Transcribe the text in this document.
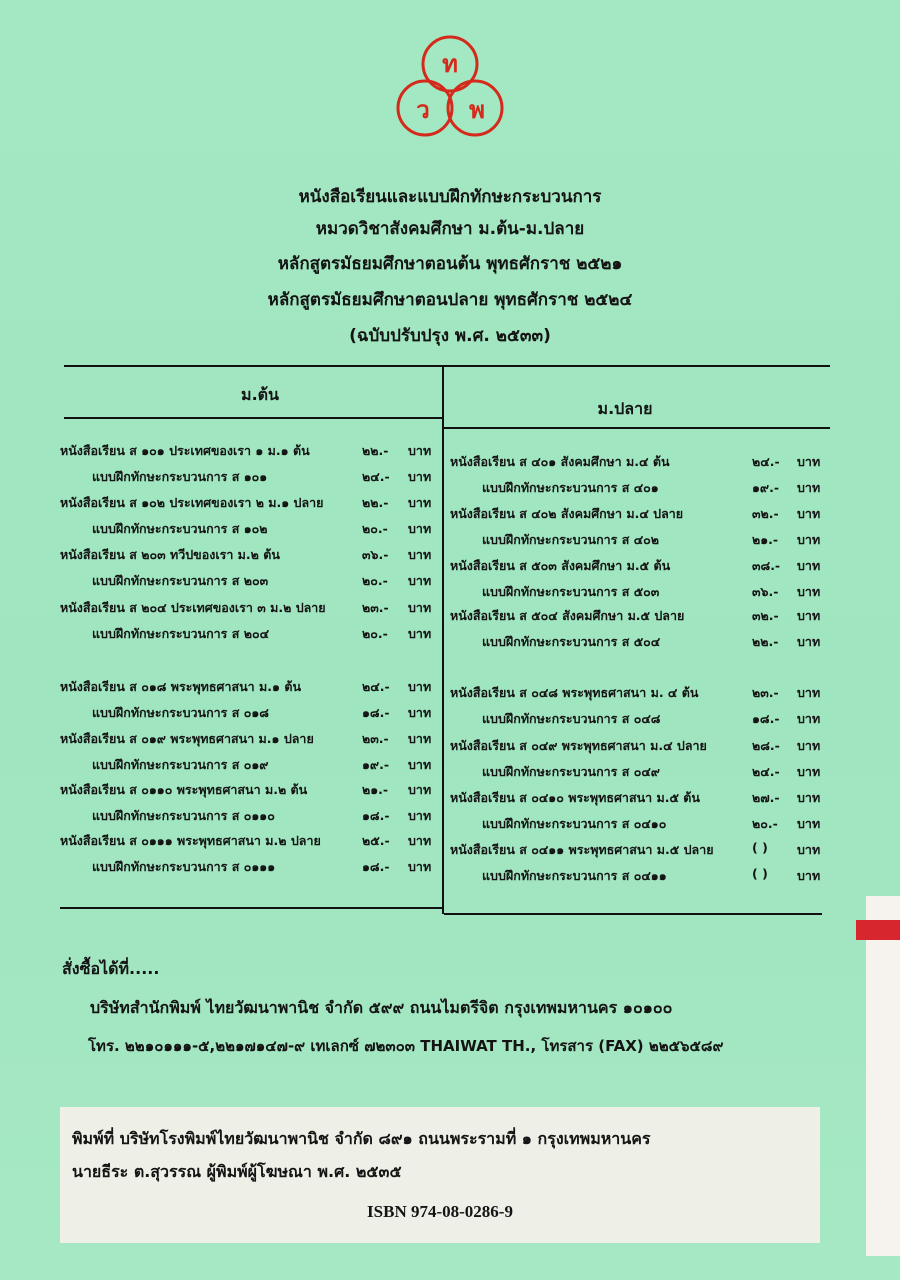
ท
ว พ
หนังสือเรียนและแบบฝึกทักษะกระบวนการ
หมวดวิชาสังคมศึกษา ม.ต้น-ม.ปลาย
หลักสูตรมัธยมศึกษาตอนต้น พุทธศักราช ๒๕๒๑
หลักสูตรมัธยมศึกษาตอนปลาย พุทธศักราช ๒๕๒๔
(ฉบับปรับปรุง พ.ศ. ๒๕๓๓)
ม.ต้น
ม.ปลาย
หนังสือเรียน ส ๑๐๑ ประเทศของเรา ๑ ม.๑ ต้น	๒๒.- บาท
แบบฝึกทักษะกระบวนการ ส ๑๐๑	๒๔.- บาท
หนังสือเรียน ส ๑๐๒ ประเทศของเรา ๒ ม.๑ ปลาย	๒๒.- บาท
แบบฝึกทักษะกระบวนการ ส ๑๐๒	๒๐.- บาท
หนังสือเรียน ส ๒๐๓ ทวีปของเรา ม.๒ ต้น	๓๖.- บาท
แบบฝึกทักษะกระบวนการ ส ๒๐๓	๒๐.- บาท
หนังสือเรียน ส ๒๐๔ ประเทศของเรา ๓ ม.๒ ปลาย	๒๓.- บาท
แบบฝึกทักษะกระบวนการ ส ๒๐๔	๒๐.- บาท
หนังสือเรียน ส ๐๑๘ พระพุทธศาสนา ม.๑ ต้น	๒๔.- บาท
แบบฝึกทักษะกระบวนการ ส ๐๑๘	๑๘.- บาท
หนังสือเรียน ส ๐๑๙ พระพุทธศาสนา ม.๑ ปลาย	๒๓.- บาท
แบบฝึกทักษะกระบวนการ ส ๐๑๙	๑๙.- บาท
หนังสือเรียน ส ๐๑๑๐ พระพุทธศาสนา ม.๒ ต้น	๒๑.- บาท
แบบฝึกทักษะกระบวนการ ส ๐๑๑๐	๑๘.- บาท
หนังสือเรียน ส ๐๑๑๑ พระพุทธศาสนา ม.๒ ปลาย	๒๕.- บาท
แบบฝึกทักษะกระบวนการ ส ๐๑๑๑	๑๘.- บาท
หนังสือเรียน ส ๔๐๑ สังคมศึกษา ม.๔ ต้น	๒๔.- บาท
แบบฝึกทักษะกระบวนการ ส ๔๐๑	๑๙.- บาท
หนังสือเรียน ส ๔๐๒ สังคมศึกษา ม.๔ ปลาย	๓๒.- บาท
แบบฝึกทักษะกระบวนการ ส ๔๐๒	๒๑.- บาท
หนังสือเรียน ส ๕๐๓ สังคมศึกษา ม.๕ ต้น	๓๘.- บาท
แบบฝึกทักษะกระบวนการ ส ๕๐๓	๓๖.- บาท
หนังสือเรียน ส ๕๐๔ สังคมศึกษา ม.๕ ปลาย	๓๒.- บาท
แบบฝึกทักษะกระบวนการ ส ๕๐๔	๒๒.- บาท
หนังสือเรียน ส ๐๔๘ พระพุทธศาสนา ม. ๔ ต้น	๒๓.- บาท
แบบฝึกทักษะกระบวนการ ส ๐๔๘	๑๘.- บาท
หนังสือเรียน ส ๐๔๙ พระพุทธศาสนา ม.๔ ปลาย	๒๘.- บาท
แบบฝึกทักษะกระบวนการ ส ๐๔๙	๒๔.- บาท
หนังสือเรียน ส ๐๔๑๐ พระพุทธศาสนา ม.๕ ต้น	๒๗.- บาท
แบบฝึกทักษะกระบวนการ ส ๐๔๑๐	๒๐.- บาท
หนังสือเรียน ส ๐๔๑๑ พระพุทธศาสนา ม.๕ ปลาย	( ) บาท
แบบฝึกทักษะกระบวนการ ส ๐๔๑๑	( ) บาท
สั่งซื้อได้ที่.....
บริษัทสำนักพิมพ์ ไทยวัฒนาพานิช จำกัด ๕๙๙ ถนนไมตรีจิต กรุงเทพมหานคร ๑๐๑๐๐
โทร. ๒๒๑๐๑๑๑-๕,๒๒๑๗๑๔๗-๙ เทเลกซ์ ๗๒๓๐๓ THAIWAT TH., โทรสาร (FAX) ๒๒๕๖๕๘๙
พิมพ์ที่ บริษัทโรงพิมพ์ไทยวัฒนาพานิช จำกัด ๘๙๑ ถนนพระรามที่ ๑ กรุงเทพมหานคร
นายธีระ ต.สุวรรณ ผู้พิมพ์ผู้โฆษณา พ.ศ. ๒๕๓๕
ISBN 974-08-0286-9
